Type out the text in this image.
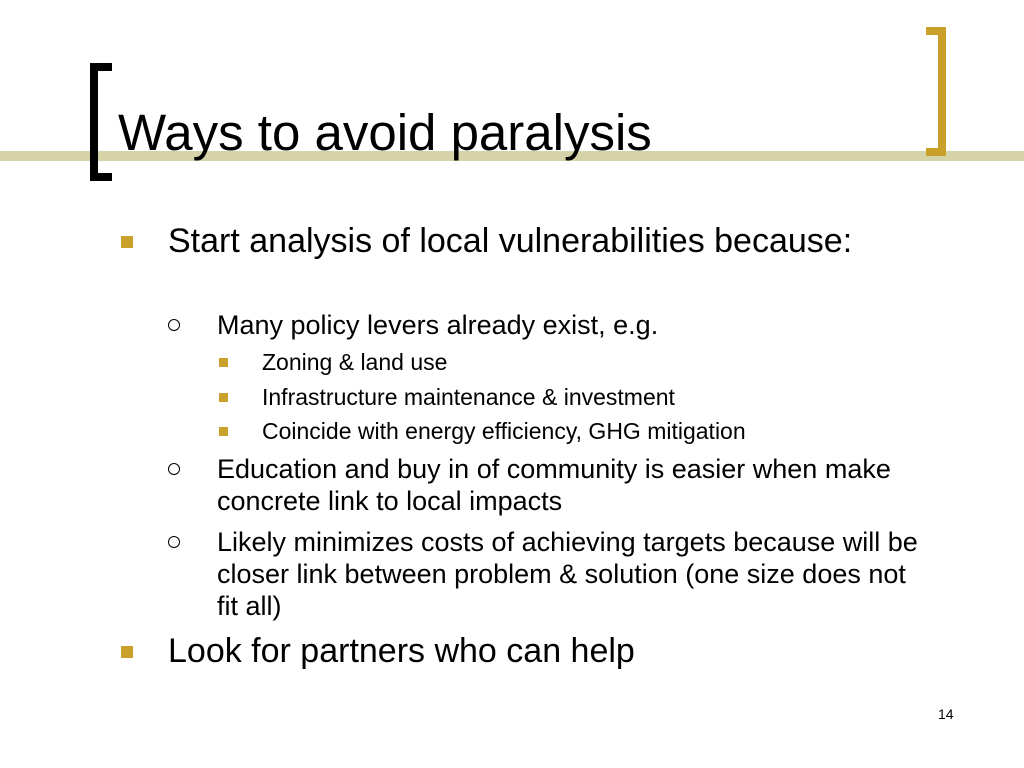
Ways to avoid paralysis
Start analysis of local vulnerabilities because:
Many policy levers already exist, e.g.
Zoning & land use
Infrastructure maintenance & investment
Coincide with energy efficiency, GHG mitigation
Education and buy in of community is easier when make concrete link to local impacts
Likely minimizes costs of achieving targets because will be closer link between problem & solution (one size does not fit all)
Look for partners who can help
14
